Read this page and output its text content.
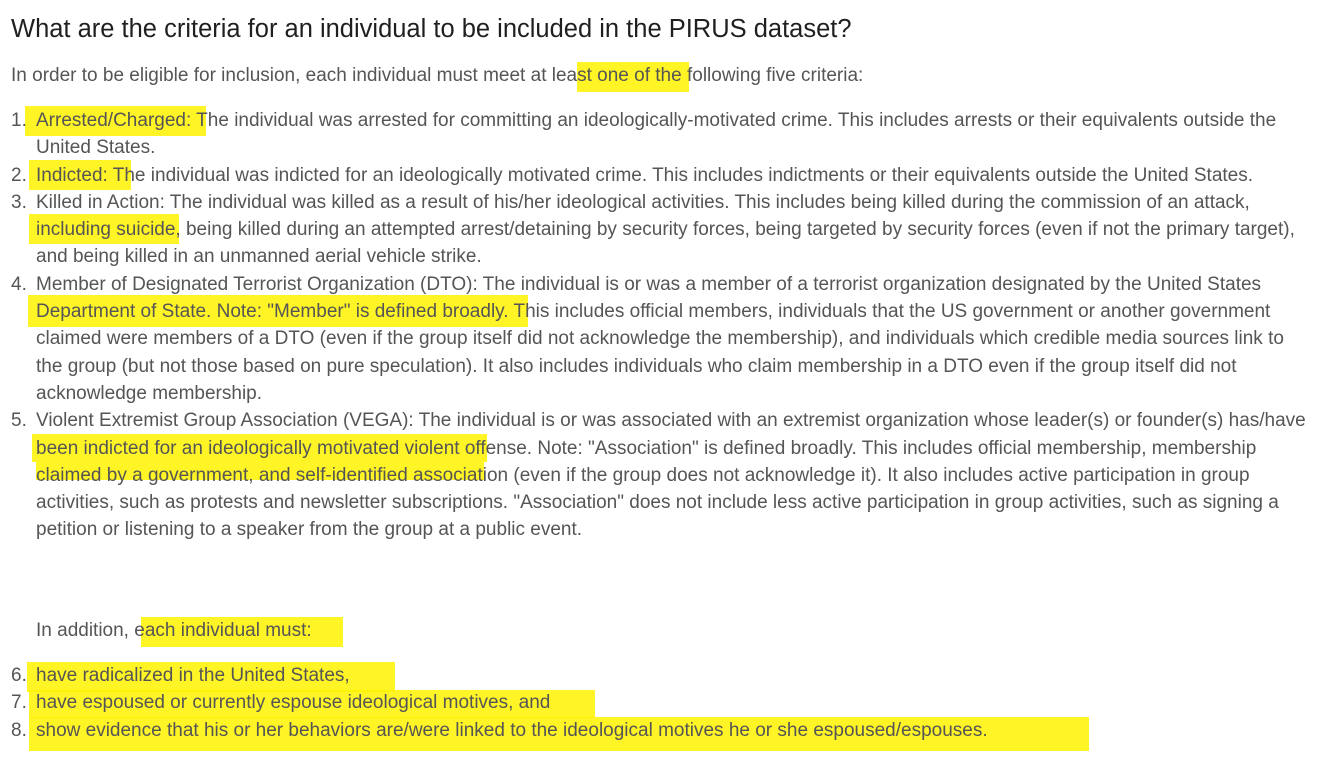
What are the criteria for an individual to be included in the PIRUS dataset?
In order to be eligible for inclusion, each individual must meet at least one of the following five criteria:
1. Arrested/Charged: The individual was arrested for committing an ideologically-motivated crime. This includes arrests or their equivalents outside the United States.
2. Indicted: The individual was indicted for an ideologically motivated crime. This includes indictments or their equivalents outside the United States.
3. Killed in Action: The individual was killed as a result of his/her ideological activities. This includes being killed during the commission of an attack, including suicide, being killed during an attempted arrest/detaining by security forces, being targeted by security forces (even if not the primary target), and being killed in an unmanned aerial vehicle strike.
4. Member of Designated Terrorist Organization (DTO): The individual is or was a member of a terrorist organization designated by the United States Department of State. Note: "Member" is defined broadly. This includes official members, individuals that the US government or another government claimed were members of a DTO (even if the group itself did not acknowledge the membership), and individuals which credible media sources link to the group (but not those based on pure speculation). It also includes individuals who claim membership in a DTO even if the group itself did not acknowledge membership.
5. Violent Extremist Group Association (VEGA): The individual is or was associated with an extremist organization whose leader(s) or founder(s) has/have been indicted for an ideologically motivated violent offense. Note: "Association" is defined broadly. This includes official membership, membership claimed by a government, and self-identified association (even if the group does not acknowledge it). It also includes active participation in group activities, such as protests and newsletter subscriptions. "Association" does not include less active participation in group activities, such as signing a petition or listening to a speaker from the group at a public event.
In addition, each individual must:
6. have radicalized in the United States,
7. have espoused or currently espouse ideological motives, and
8. show evidence that his or her behaviors are/were linked to the ideological motives he or she espoused/espouses.
